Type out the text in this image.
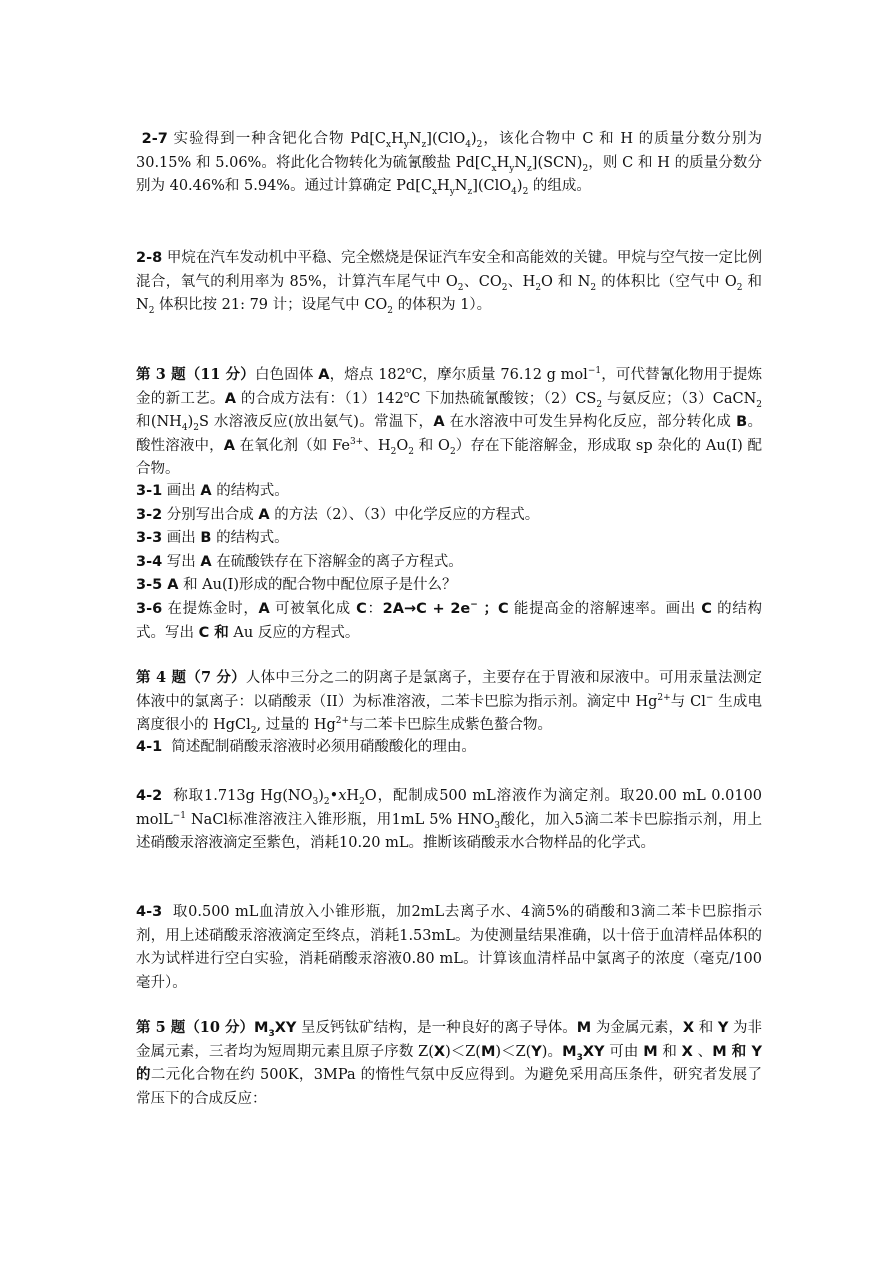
2-7 实验得到一种含钯化合物 $Pd[C_xH_yN_z](ClO_4)_2$，该化合物中 C 和 H 的质量分数分别为 30.15% 和 5.06%。将此化合物转化为硫氰酸盐 $Pd[C_xH_yN_z](SCN)_2$，则 C 和 H 的质量分数分别为 40.46%和 5.94%。通过计算确定 $Pd[C_xH_yN_z](ClO_4)_2$ 的组成。

2-8 甲烷在汽车发动机中平稳、完全燃烧是保证汽车安全和高能效的关键。甲烷与空气按一定比例混合，氧气的利用率为 85%，计算汽车尾气中 $O_2$、$CO_2$、$H_2O$ 和 $N_2$ 的体积比（空气中 $O_2$ 和 $N_2$ 体积比按 21: 79 计；设尾气中 $CO_2$ 的体积为 1）。

第 3 题（11 分）白色固体 A，熔点 182$^o$C，摩尔质量 76.12 g mol$^{-1}$，可代替氰化物用于提炼金的新工艺。A 的合成方法有：（1）142$^o$C 下加热硫氰酸铵；$(2)CS_2$ 与氨反应；（3）CaCN$_2$ 和$(NH_4)_2S$ 水溶液反应(放出氨气)。常温下，A 在水溶液中可发生异构化反应，部分转化成 B。酸性溶液中，A 在氧化剂（如 $Fe^{3+}$、$H_2O_2$ 和 $O_2$）存在下能溶解金，形成取 sp 杂化的 Au(I) 配合物。

3-1 画出 A 的结构式。

3-2 分别写出合成 A 的方法（2）、（3）中化学反应的方程式。

3-3 画出 B 的结构式。

3-4 写出 A 在硫酸铁存在下溶解金的离子方程式。

3-5 A 和 Au(I)形成的配合物中配位原子是什么？

3-6 在提炼金时，A 可被氧化成 C：2A→C + 2e− ；C 能提高金的溶解速率。画出 C 的结构式。写出 C 和 Au 反应的方程式。

第 4 题（7 分）人体中三分之二的阴离子是氯离子，主要存在于胃液和尿液中。可用汞量法测定体液中的氯离子：以硝酸汞（II）为标准溶液，二苯卡巴腙为指示剂。滴定中 $Hg^{2+}$与 Cl− 生成电离度很小的 HgCl$_2$, 过量的 $Hg^{2+}$与二苯卡巴腙生成紫色螯合物。

4-1  简述配制硝酸汞溶液时必须用硝酸酸化的理由。

4-2  称取1.713g $Hg(NO_3)_2•xH_2O$，配制成500 mL溶液作为滴定剂。取20.00 mL 0.0100 molL$^{-1}$ NaCl标准溶液注入锥形瓶，用1mL 5% $HNO_3$酸化，加入5滴二苯卡巴腙指示剂，用上述硝酸汞溶液滴定至紫色，消耗10.20 mL。推断该硝酸汞水合物样品的化学式。

4-3  取0.500 mL血清放入小锥形瓶，加2mL去离子水、4滴5%的硝酸和3滴二苯卡巴腙指示剂，用上述硝酸汞溶液滴定至终点，消耗1.53mL。为使测量结果准确，以十倍于血清样品体积的水为试样进行空白实验，消耗硝酸汞溶液0.80 mL。计算该血清样品中氯离子的浓度（毫克/100毫升）。

第 5 题（10 分）$M_3XY$ 呈反钙钛矿结构，是一种良好的离子导体。M 为金属元素，X 和 Y 为非金属元素，三者均为短周期元素且原子序数 Z(X)＜Z(M)＜Z(Y)。$M_3XY$ 可由 M 和 X 、M 和 Y 的二元化合物在约 500K，3MPa 的惰性气氛中反应得到。为避免采用高压条件，研究者发展了常压下的合成反应：
